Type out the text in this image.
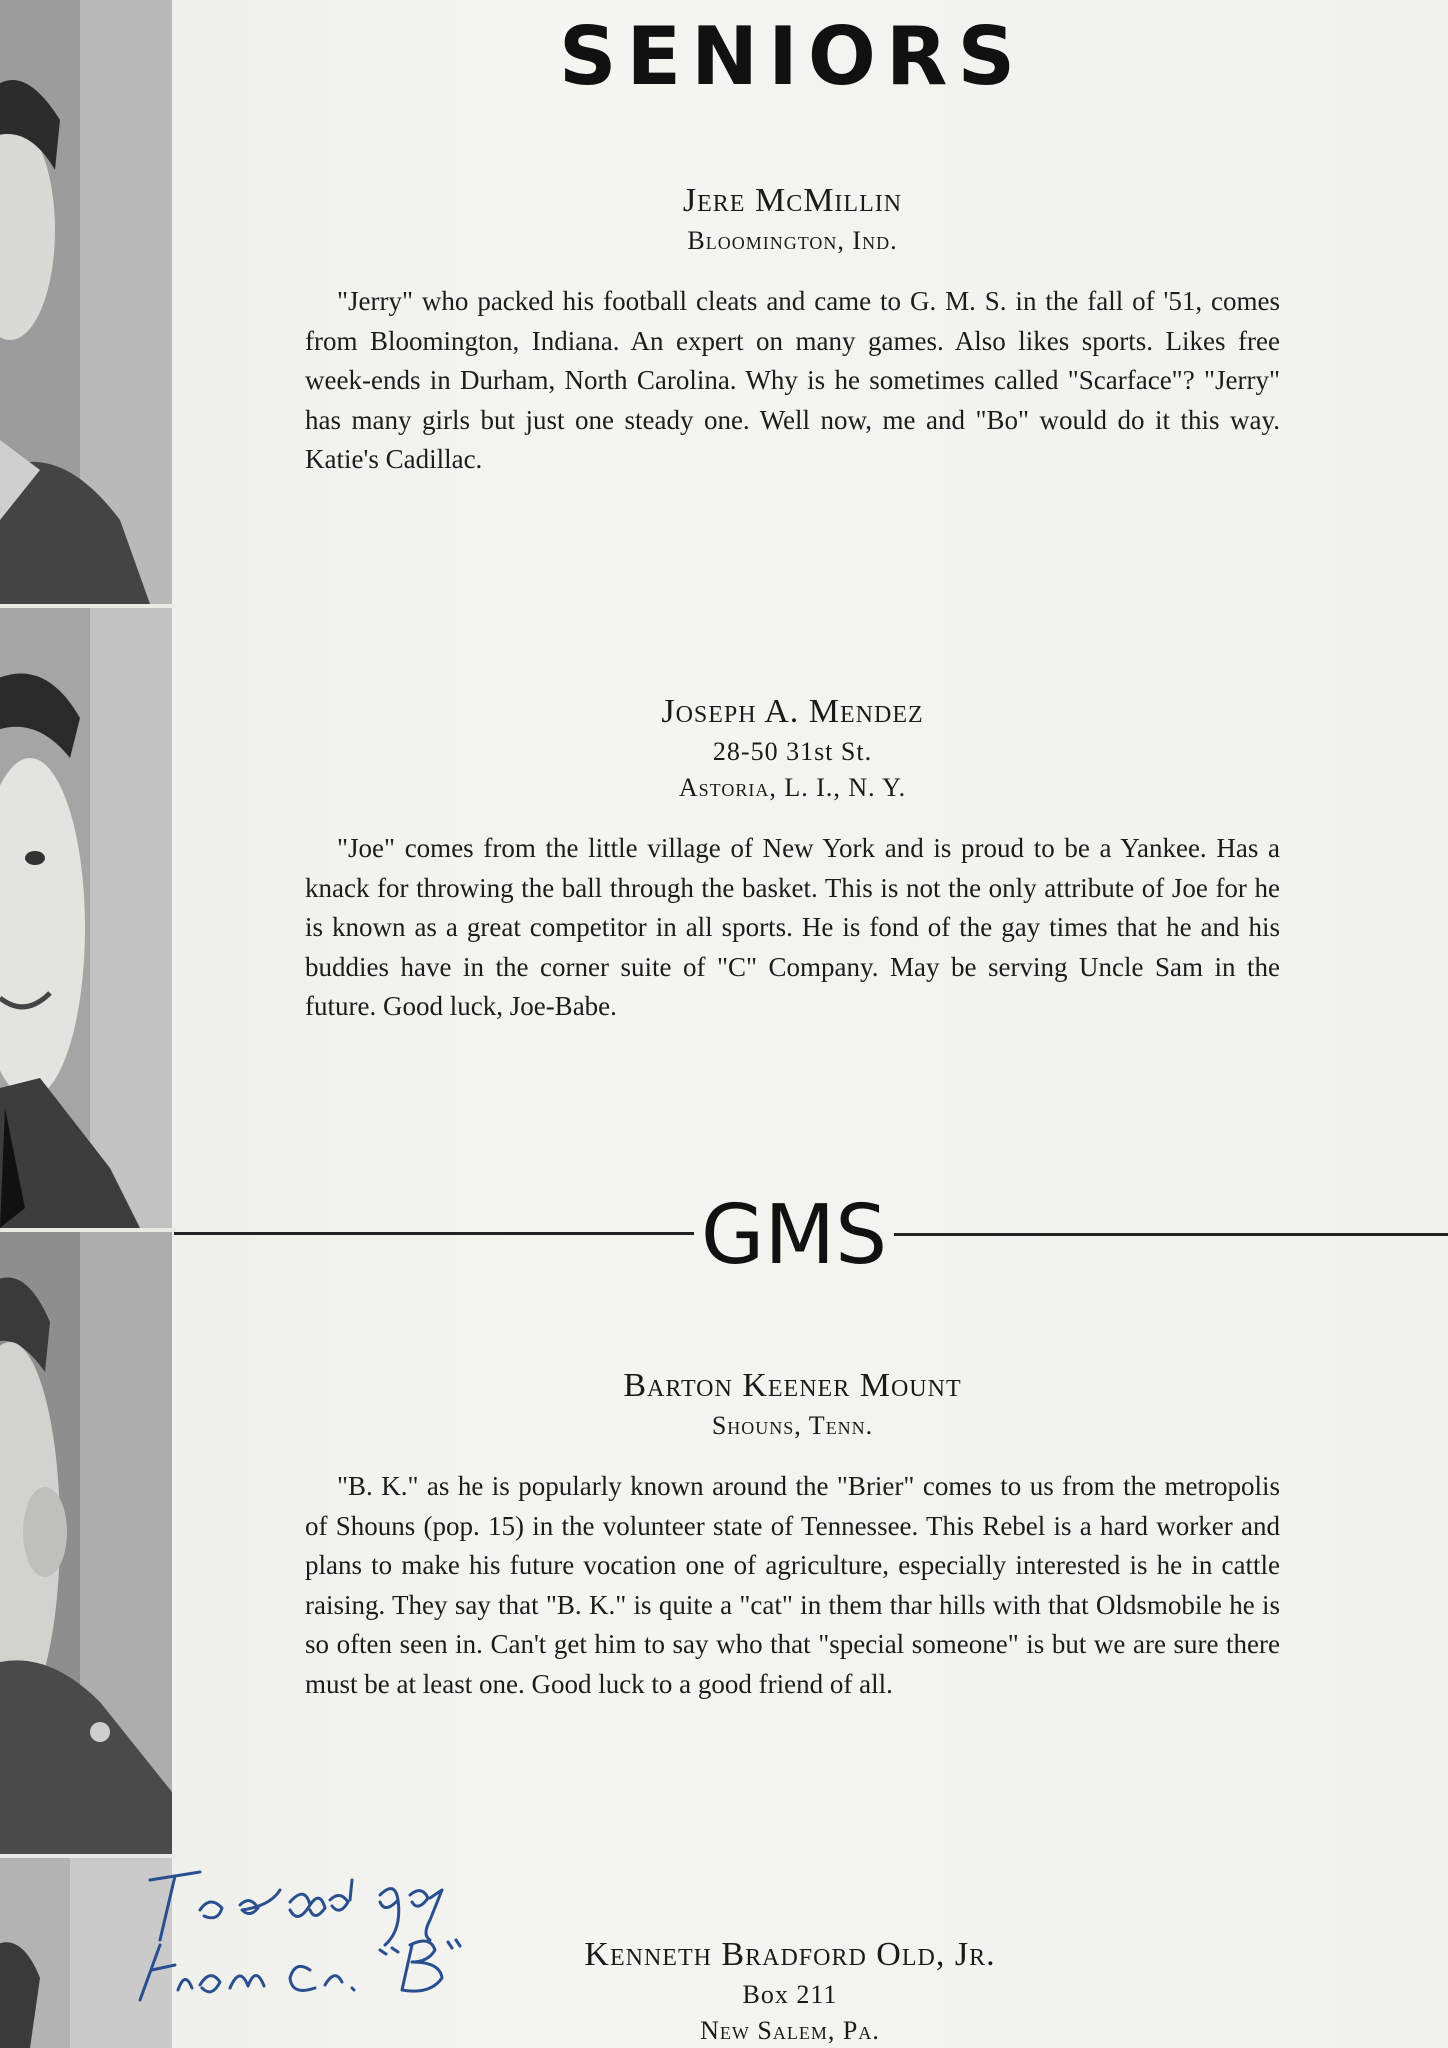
SENIORS

Jere McMillin

Bloomington, Ind.

"Jerry" who packed his football cleats and came to G. M. S. in the fall of '51, comes from Bloomington, Indiana. An expert on many games. Also likes sports. Likes free week-ends in Durham, North Carolina. Why is he sometimes called "Scarface"? "Jerry" has many girls but just one steady one. Well now, me and "Bo" would do it this way. Katie's Cadillac.

Joseph A. Mendez

28-50 31st St.

Astoria, L. I., N. Y.

"Joe" comes from the little village of New York and is proud to be a Yankee. Has a knack for throwing the ball through the basket. This is not the only attribute of Joe for he is known as a great competitor in all sports. He is fond of the gay times that he and his buddies have in the corner suite of "C" Company. May be serving Uncle Sam in the future. Good luck, Joe-Babe.

GMS

Barton Keener Mount

Shouns, Tenn.

"B. K." as he is popularly known around the "Brier" comes to us from the metropolis of Shouns (pop. 15) in the volunteer state of Tennessee. This Rebel is a hard worker and plans to make his future vocation one of agriculture, especially interested is he in cattle raising. They say that "B. K." is quite a "cat" in them thar hills with that Oldsmobile he is so often seen in. Can't get him to say who that "special someone" is but we are sure there must be at least one. Good luck to a good friend of all.

Kenneth Bradford Old, Jr.

Box 211

New Salem, Pa.
